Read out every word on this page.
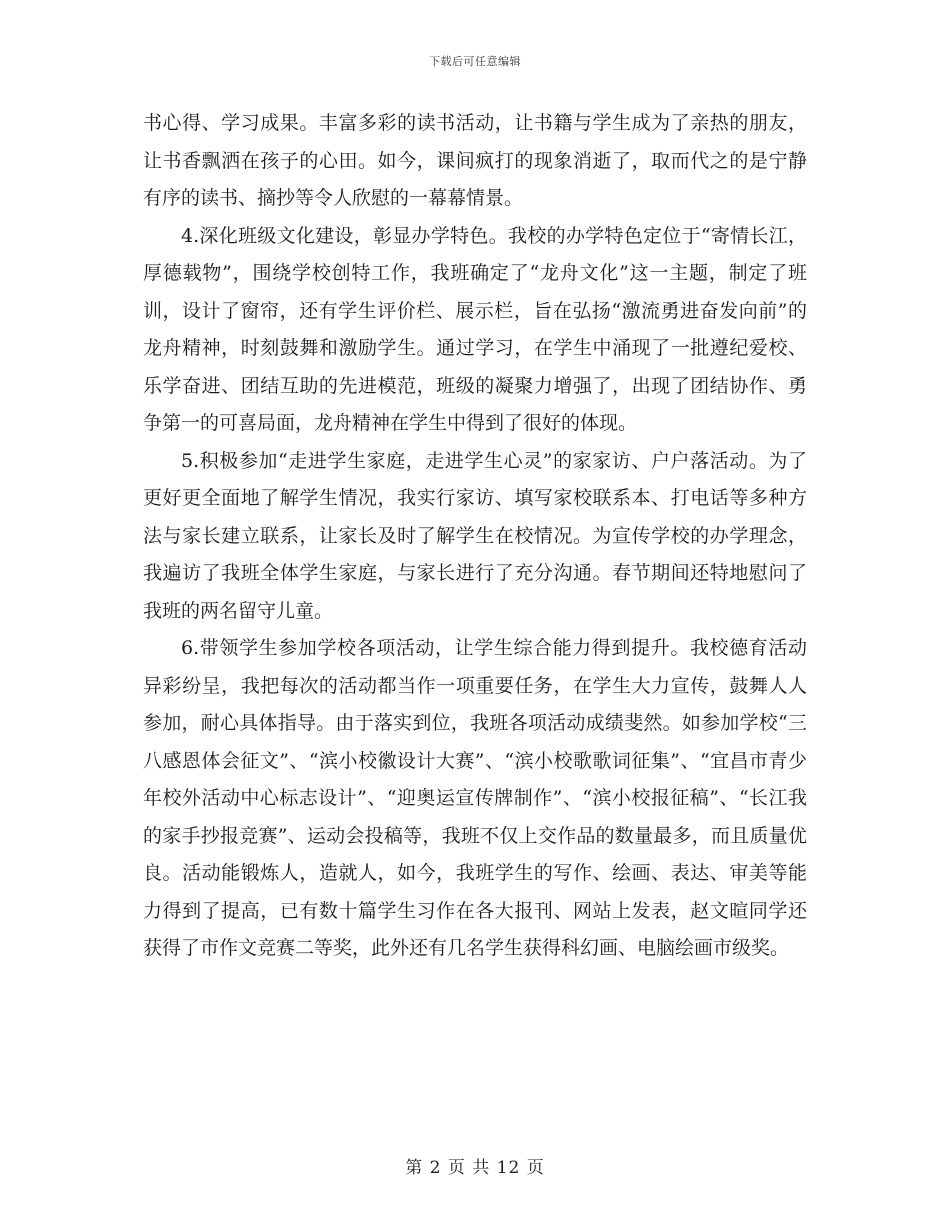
下载后可任意编辑

书心得、学习成果。丰富多彩的读书活动，让书籍与学生成为了亲热的朋友，让书香飘洒在孩子的心田。如今，课间疯打的现象消逝了，取而代之的是宁静有序的读书、摘抄等令人欣慰的一幕幕情景。

4.深化班级文化建设，彰显办学特色。我校的办学特色定位于“寄情长江，厚德载物”，围绕学校创特工作，我班确定了“龙舟文化”这一主题，制定了班训，设计了窗帘，还有学生评价栏、展示栏，旨在弘扬“激流勇进奋发向前”的龙舟精神，时刻鼓舞和激励学生。通过学习，在学生中涌现了一批遵纪爱校、乐学奋进、团结互助的先进模范，班级的凝聚力增强了，出现了团结协作、勇争第一的可喜局面，龙舟精神在学生中得到了很好的体现。

5.积极参加“走进学生家庭，走进学生心灵”的家家访、户户落活动。为了更好更全面地了解学生情况，我实行家访、填写家校联系本、打电话等多种方法与家长建立联系，让家长及时了解学生在校情况。为宣传学校的办学理念，我遍访了我班全体学生家庭，与家长进行了充分沟通。春节期间还特地慰问了我班的两名留守儿童。

6.带领学生参加学校各项活动，让学生综合能力得到提升。我校德育活动异彩纷呈，我把每次的活动都当作一项重要任务，在学生大力宣传，鼓舞人人参加，耐心具体指导。由于落实到位，我班各项活动成绩斐然。如参加学校“三八感恩体会征文”、“滨小校徽设计大赛”、“滨小校歌歌词征集”、“宜昌市青少年校外活动中心标志设计”、“迎奥运宣传牌制作”、“滨小校报征稿”、“长江我的家手抄报竞赛”、运动会投稿等，我班不仅上交作品的数量最多，而且质量优良。活动能锻炼人，造就人，如今，我班学生的写作、绘画、表达、审美等能力得到了提高，已有数十篇学生习作在各大报刊、网站上发表，赵文暄同学还获得了市作文竞赛二等奖，此外还有几名学生获得科幻画、电脑绘画市级奖。

第 2 页 共 12 页
